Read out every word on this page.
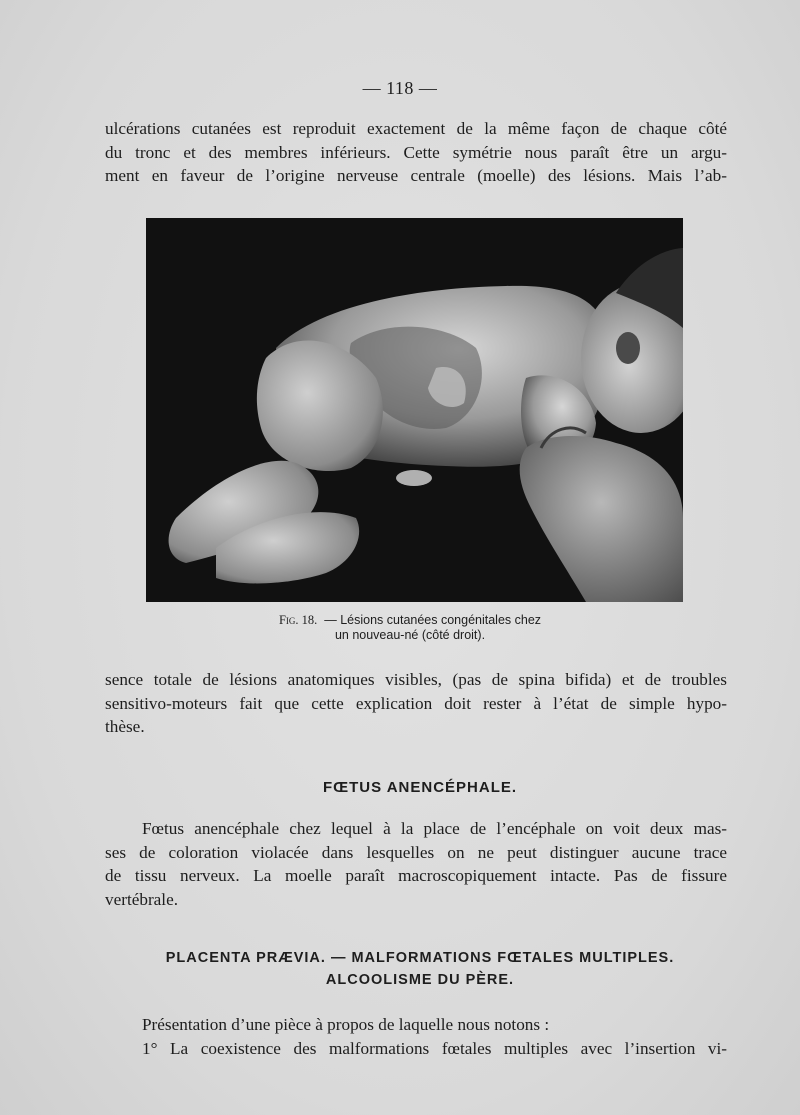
— 118 —
ulcérations cutanées est reproduit exactement de la même façon de chaque côté
du tronc et des membres inférieurs. Cette symétrie nous paraît être un argu-
ment en faveur de l’origine nerveuse centrale (moelle) des lésions. Mais l’ab-
Fig. 18. — Lésions cutanées congénitales chez
un nouveau-né (côté droit).
sence totale de lésions anatomiques visibles, (pas de spina bifida) et de troubles
sensitivo-moteurs fait que cette explication doit rester à l’état de simple hypo-
thèse.
FŒTUS ANENCÉPHALE.
Fœtus anencéphale chez lequel à la place de l’encéphale on voit deux mas-
ses de coloration violacée dans lesquelles on ne peut distinguer aucune trace
de tissu nerveux. La moelle paraît macroscopiquement intacte. Pas de fissure
vertébrale.
PLACENTA PRÆVIA. — MALFORMATIONS FŒTALES MULTIPLES.
ALCOOLISME DU PÈRE.
Présentation d’une pièce à propos de laquelle nous notons :
1° La coexistence des malformations fœtales multiples avec l’insertion vi-
